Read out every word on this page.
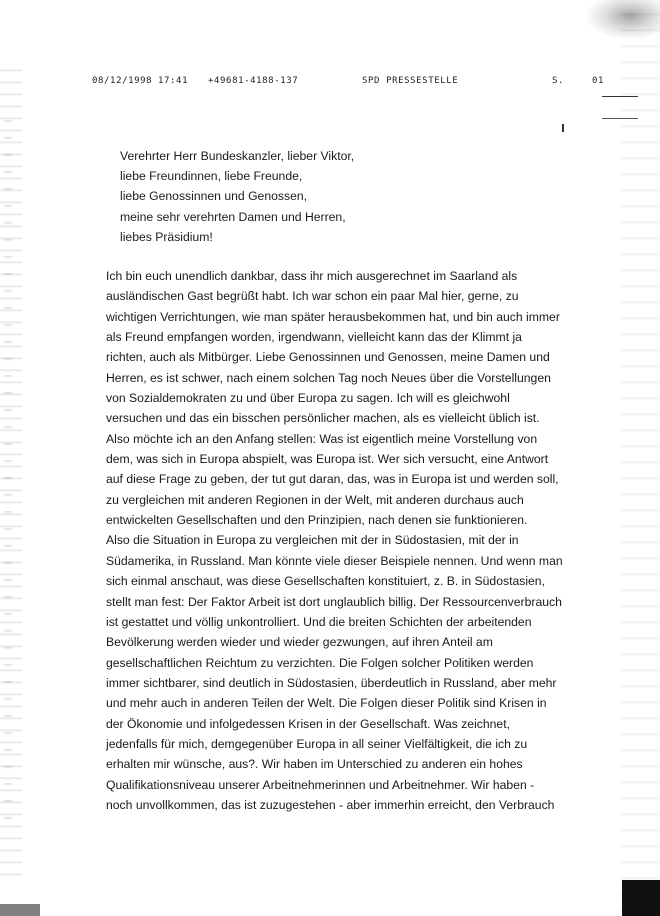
08/12/1998 17:41 +49681-4188-137	SPD PRESSESTELLE	S.	01
Verehrter Herr Bundeskanzler, lieber Viktor,
liebe Freundinnen, liebe Freunde,
liebe Genossinnen und Genossen,
meine sehr verehrten Damen und Herren,
liebes Präsidium!
Ich bin euch unendlich dankbar, dass ihr mich ausgerechnet im Saarland als
ausländischen Gast begrüßt habt. Ich war schon ein paar Mal hier, gerne, zu
wichtigen Verrichtungen, wie man später herausbekommen hat, und bin auch immer
als Freund empfangen worden, irgendwann, vielleicht kann das der Klimmt ja
richten, auch als Mitbürger. Liebe Genossinnen und Genossen, meine Damen und
Herren, es ist schwer, nach einem solchen Tag noch Neues über die Vorstellungen
von Sozialdemokraten zu und über Europa zu sagen. Ich will es gleichwohl
versuchen und das ein bisschen persönlicher machen, als es vielleicht üblich ist.
Also möchte ich an den Anfang stellen: Was ist eigentlich meine Vorstellung von
dem, was sich in Europa abspielt, was Europa ist. Wer sich versucht, eine Antwort
auf diese Frage zu geben, der tut gut daran, das, was in Europa ist und werden soll,
zu vergleichen mit anderen Regionen in der Welt, mit anderen durchaus auch
entwickelten Gesellschaften und den Prinzipien, nach denen sie funktionieren.
Also die Situation in Europa zu vergleichen mit der in Südostasien, mit der in
Südamerika, in Russland. Man könnte viele dieser Beispiele nennen. Und wenn man
sich einmal anschaut, was diese Gesellschaften konstituiert, z. B. in Südostasien,
stellt man fest: Der Faktor Arbeit ist dort unglaublich billig. Der Ressourcenverbrauch
ist gestattet und völlig unkontrolliert. Und die breiten Schichten der arbeitenden
Bevölkerung werden wieder und wieder gezwungen, auf ihren Anteil am
gesellschaftlichen Reichtum zu verzichten. Die Folgen solcher Politiken werden
immer sichtbarer, sind deutlich in Südostasien, überdeutlich in Russland, aber mehr
und mehr auch in anderen Teilen der Welt. Die Folgen dieser Politik sind Krisen in
der Ökonomie und infolgedessen Krisen in der Gesellschaft. Was zeichnet,
jedenfalls für mich, demgegenüber Europa in all seiner Vielfältigkeit, die ich zu
erhalten mir wünsche, aus?. Wir haben im Unterschied zu anderen ein hohes
Qualifikationsniveau unserer Arbeitnehmerinnen und Arbeitnehmer. Wir haben -
noch unvollkommen, das ist zuzugestehen - aber immerhin erreicht, den Verbrauch
